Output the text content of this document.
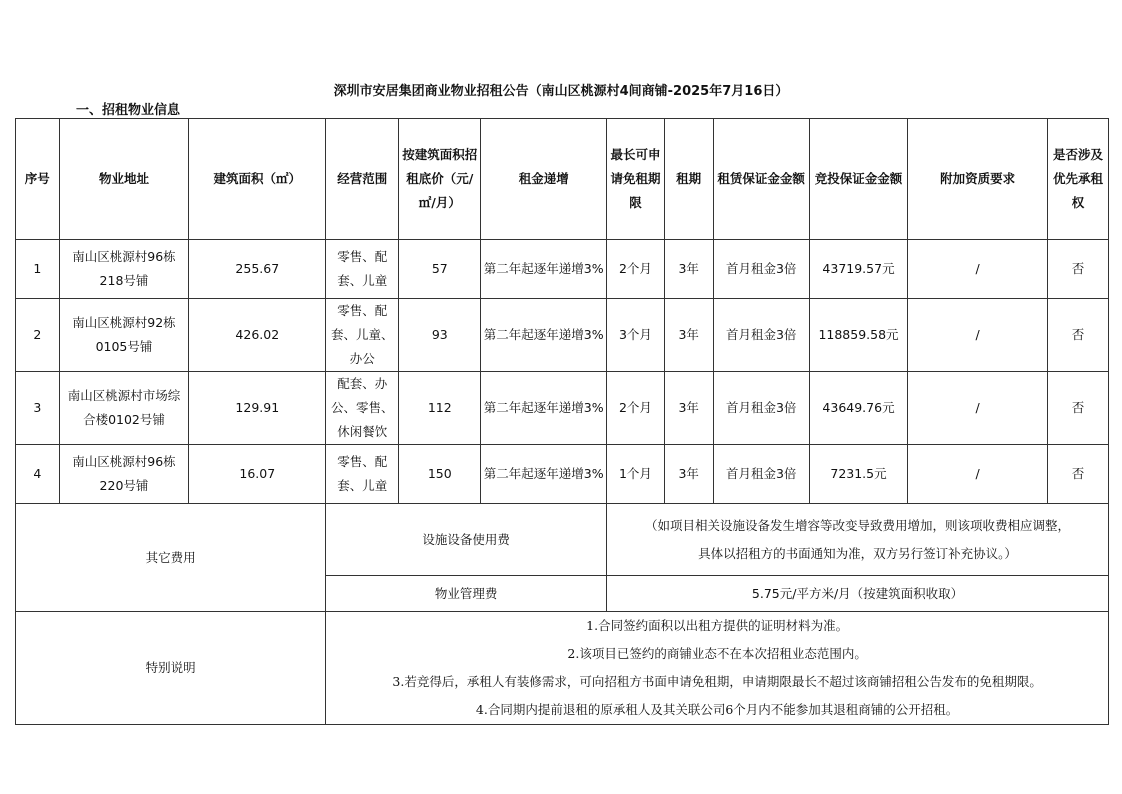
深圳市安居集团商业物业招租公告（南山区桃源村4间商铺-2025年7月16日）
一、招租物业信息
序号	物业地址	建筑面积（㎡）	经营范围	按建筑面积招租底价（元/㎡/月）	租金递增	最长可申请免租期限	租期	租赁保证金金额	竞投保证金金额	附加资质要求	是否涉及优先承租权
1	南山区桃源村96栋218号铺	255.67	零售、配套、儿童	57	第二年起逐年递增3%	2个月	3年	首月租金3倍	43719.57元	/	否
2	南山区桃源村92栋0105号铺	426.02	零售、配套、儿童、办公	93	第二年起逐年递增3%	3个月	3年	首月租金3倍	118859.58元	/	否
3	南山区桃源村市场综合楼0102号铺	129.91	配套、办公、零售、休闲餐饮	112	第二年起逐年递增3%	2个月	3年	首月租金3倍	43649.76元	/	否
4	南山区桃源村96栋220号铺	16.07	零售、配套、儿童	150	第二年起逐年递增3%	1个月	3年	首月租金3倍	7231.5元	/	否
其它费用			设施设备使用费			（如项目相关设施设备发生增容等改变导致费用增加，则该项收费相应调整，
具体以招租方的书面通知为准，双方另行签订补充协议。）					

			物业管理费			5.75元/平方米/月（按建筑面积收取）					
特别说明			1.合同签约面积以出租方提供的证明材料为准。
2.该项目已签约的商铺业态不在本次招租业态范围内。
3.若竞得后，承租人有装修需求，可向招租方书面申请免租期，申请期限最长不超过该商铺招租公告发布的免租期限。
4.合同期内提前退租的原承租人及其关联公司6个月内不能参加其退租商铺的公开招租。								
